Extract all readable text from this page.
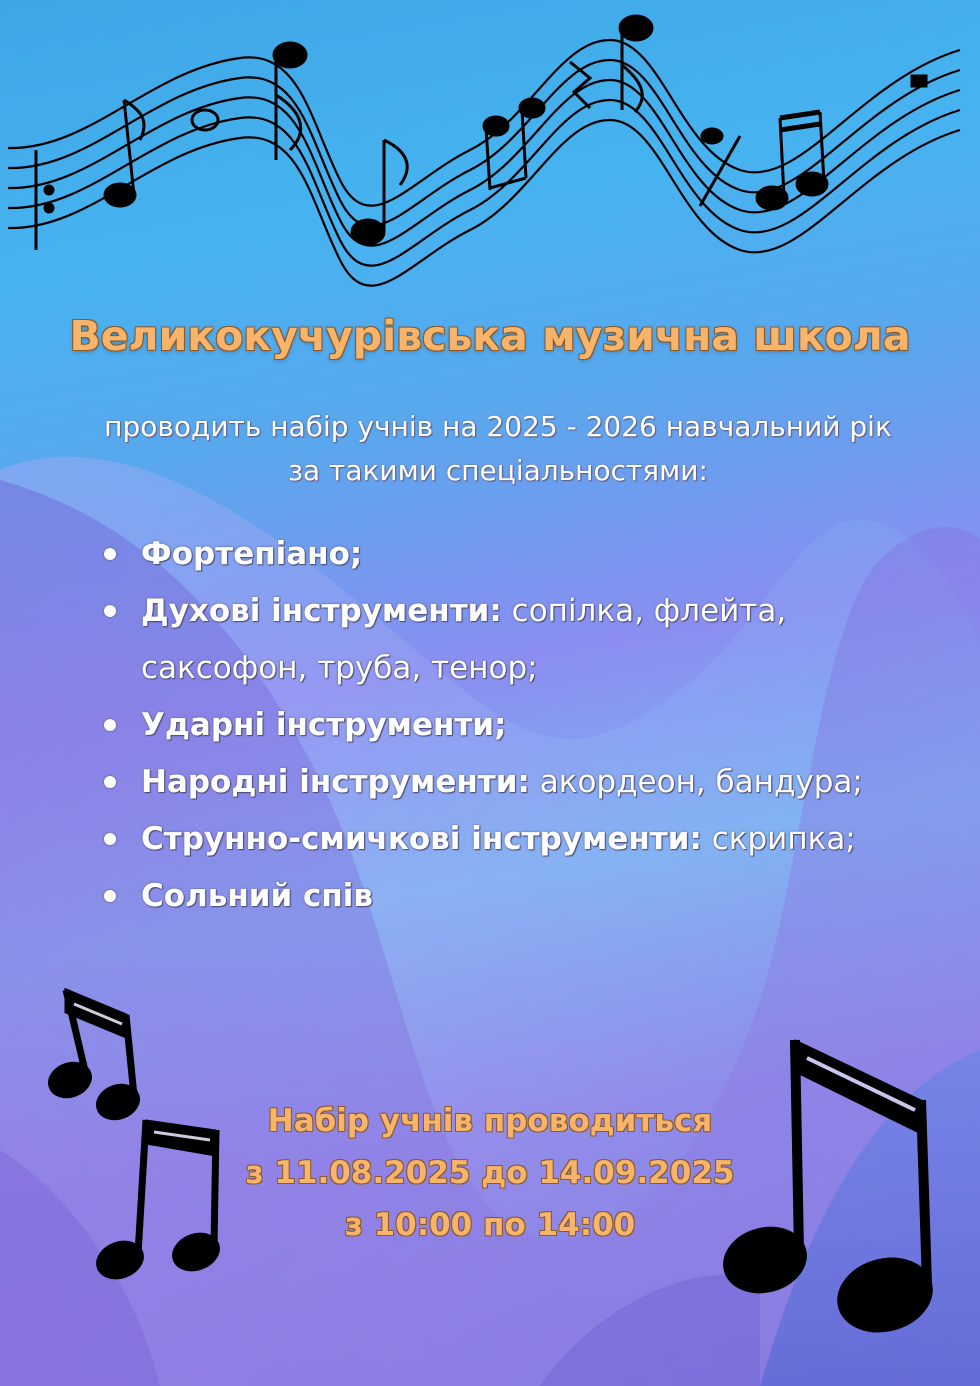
Великокучурівська музична школа
проводить набір учнів на 2025 - 2026 навчальний рік
за такими спеціальностями:
Фортепіано;
Духові інструменти: сопілка, флейта,
саксофон, труба, тенор;
Ударні інструменти;
Народні інструменти: акордеон, бандура;
Струнно-смичкові інструменти: скрипка;
Сольний спів
Набір учнів проводиться
з 11.08.2025 до 14.09.2025
з 10:00 по 14:00
